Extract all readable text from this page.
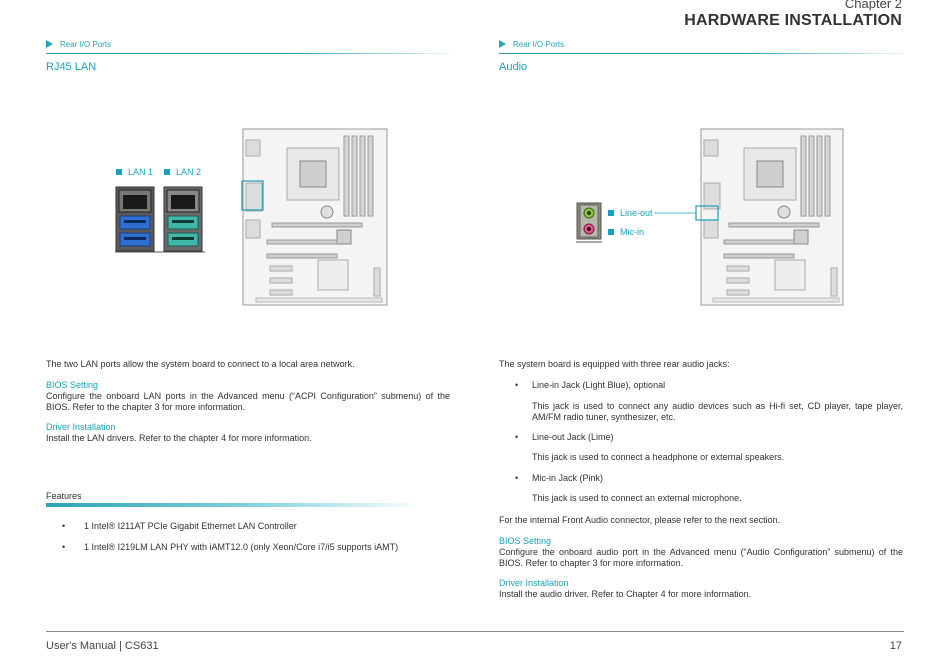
Chapter 2
HARDWARE INSTALLATION
Rear I/O Ports
RJ45 LAN
LAN 1	LAN 2
The two LAN ports allow the system board to connect to a local area network.
BIOS Setting
Configure the onboard LAN ports in the Advanced menu (“ACPI Configuration” submenu) of the BIOS. Refer to the chapter 3 for more information.
Driver Installation
Install the LAN drivers. Refer to the chapter 4 for more information.
Features
• 1 Intel® I211AT PCIe Gigabit Ethernet LAN Controller
• 1 Intel® I219LM LAN PHY with iAMT12.0 (only Xeon/Core i7/i5 supports iAMT)
Rear I/O Ports
Audio
Line-out
Mic-in
The system board is equipped with three rear audio jacks:
• Line-in Jack (Light Blue), optional
This jack is used to connect any audio devices such as Hi-fi set, CD player, tape player, AM/FM radio tuner, synthesizer, etc.
• Line-out Jack (Lime)
This jack is used to connect a headphone or external speakers.
• Mic-in Jack (Pink)
This jack is used to connect an external microphone.
For the internal Front Audio connector, please refer to the next section.
BIOS Setting
Configure the onboard audio port in the Advanced menu (“Audio Configuration” submenu) of the BIOS. Refer to chapter 3 for more information.
Driver Installation
Install the audio driver. Refer to Chapter 4 for more information.
User's Manual | CS631	17
